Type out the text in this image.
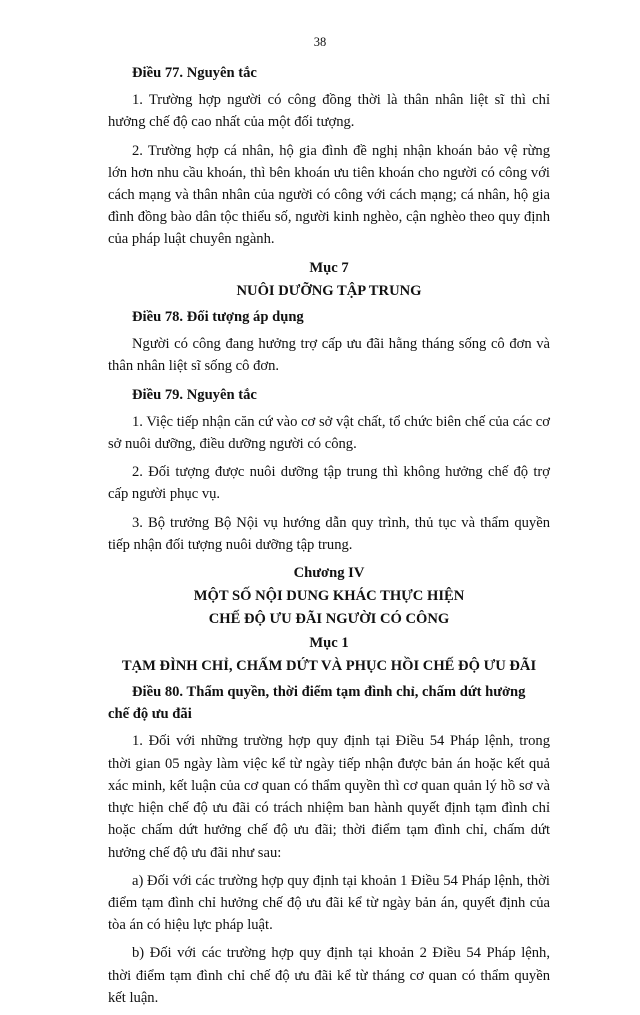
38
Điều 77. Nguyên tắc

1. Trường hợp người có công đồng thời là thân nhân liệt sĩ thì chỉ hưởng chế độ cao nhất của một đối tượng.

2. Trường hợp cá nhân, hộ gia đình đề nghị nhận khoán bảo vệ rừng lớn hơn nhu cầu khoán, thì bên khoán ưu tiên khoán cho người có công với cách mạng và thân nhân của người có công với cách mạng; cá nhân, hộ gia đình đồng bào dân tộc thiểu số, người kinh nghèo, cận nghèo theo quy định của pháp luật chuyên ngành.

Mục 7
NUÔI DƯỠNG TẬP TRUNG
Điều 78. Đối tượng áp dụng

Người có công đang hưởng trợ cấp ưu đãi hằng tháng sống cô đơn và thân nhân liệt sĩ sống cô đơn.

Điều 79. Nguyên tắc

1. Việc tiếp nhận căn cứ vào cơ sở vật chất, tổ chức biên chế của các cơ sở nuôi dưỡng, điều dưỡng người có công.

2. Đối tượng được nuôi dưỡng tập trung thì không hưởng chế độ trợ cấp người phục vụ.

3. Bộ trưởng Bộ Nội vụ hướng dẫn quy trình, thủ tục và thẩm quyền tiếp nhận đối tượng nuôi dưỡng tập trung.

Chương IV
MỘT SỐ NỘI DUNG KHÁC THỰC HIỆN
CHẾ ĐỘ ƯU ĐÃI NGƯỜI CÓ CÔNG
Mục 1
TẠM ĐÌNH CHỈ, CHẤM DỨT VÀ PHỤC HỒI CHẾ ĐỘ ƯU ĐÃI
Điều 80. Thẩm quyền, thời điểm tạm đình chỉ, chấm dứt hưởng chế độ ưu đãi

1. Đối với những trường hợp quy định tại Điều 54 Pháp lệnh, trong thời gian 05 ngày làm việc kể từ ngày tiếp nhận được bản án hoặc kết quả xác minh, kết luận của cơ quan có thẩm quyền thì cơ quan quản lý hồ sơ và thực hiện chế độ ưu đãi có trách nhiệm ban hành quyết định tạm đình chỉ hoặc chấm dứt hưởng chế độ ưu đãi; thời điểm tạm đình chỉ, chấm dứt hưởng chế độ ưu đãi như sau:

a) Đối với các trường hợp quy định tại khoản 1 Điều 54 Pháp lệnh, thời điểm tạm đình chỉ hưởng chế độ ưu đãi kể từ ngày bản án, quyết định của tòa án có hiệu lực pháp luật.

b) Đối với các trường hợp quy định tại khoản 2 Điều 54 Pháp lệnh, thời điểm tạm đình chỉ chế độ ưu đãi kể từ tháng cơ quan có thẩm quyền kết luận.
